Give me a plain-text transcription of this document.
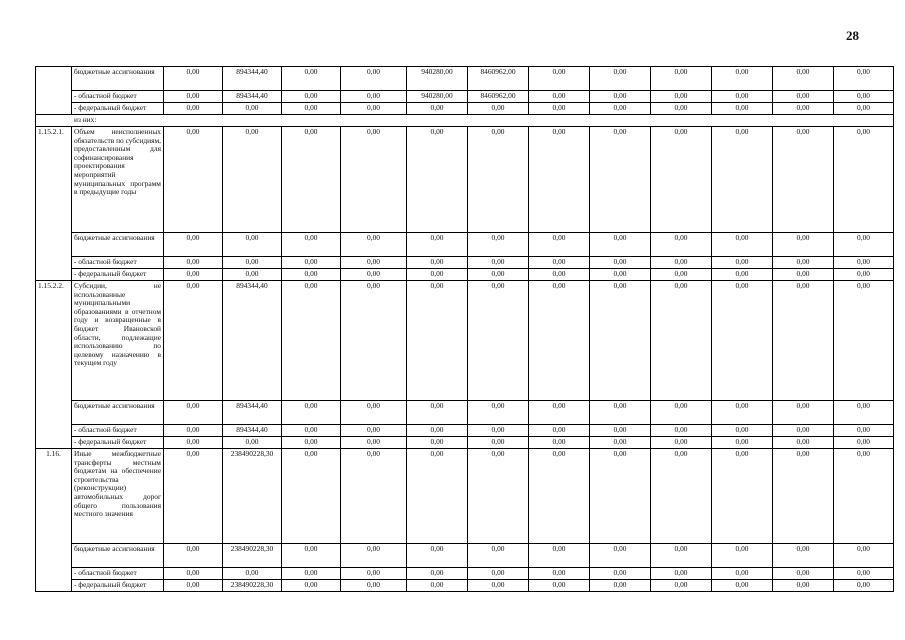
28
	бюджетные ассигнования	0,00	894344,40	0,00	0,00	940280,00	8460962,00	0,00	0,00	0,00	0,00	0,00	0,00
	- областной бюджет	0,00	894344,40	0,00	0,00	940280,00	8460962,00	0,00	0,00	0,00	0,00	0,00	0,00
	- федеральный бюджет	0,00	0,00	0,00	0,00	0,00	0,00	0,00	0,00	0,00	0,00	0,00	0,00
из них:													
1.15.2.1.	Объем неисполненных обязательств по субсидиям, предоставленным для софинансирования проектирования мероприятий муниципальных программ в предыдущие годы	0,00	0,00	0,00	0,00	0,00	0,00	0,00	0,00	0,00	0,00	0,00	0,00
	бюджетные ассигнования	0,00	0,00	0,00	0,00	0,00	0,00	0,00	0,00	0,00	0,00	0,00	0,00
	- областной бюджет	0,00	0,00	0,00	0,00	0,00	0,00	0,00	0,00	0,00	0,00	0,00	0,00
	- федеральный бюджет	0,00	0,00	0,00	0,00	0,00	0,00	0,00	0,00	0,00	0,00	0,00	0,00
1.15.2.2.	Субсидии, не использованные муниципальными образованиями в отчетном году и возвращенные в бюджет Ивановской области, подлежащие использованию по целевому назначению в текущем году	0,00	894344,40	0,00	0,00	0,00	0,00	0,00	0,00	0,00	0,00	0,00	0,00
	бюджетные ассигнования	0,00	894344,40	0,00	0,00	0,00	0,00	0,00	0,00	0,00	0,00	0,00	0,00
	- областной бюджет	0,00	894344,40	0,00	0,00	0,00	0,00	0,00	0,00	0,00	0,00	0,00	0,00
	- федеральный бюджет	0,00	0,00	0,00	0,00	0,00	0,00	0,00	0,00	0,00	0,00	0,00	0,00
1.16.	Иные межбюджетные трансферты местным бюджетам на обеспечение строительства (реконструкции) автомобильных дорог общего пользования местного значения	0,00	238490228,30	0,00	0,00	0,00	0,00	0,00	0,00	0,00	0,00	0,00	0,00
	бюджетные ассигнования	0,00	238490228,30	0,00	0,00	0,00	0,00	0,00	0,00	0,00	0,00	0,00	0,00
	- областной бюджет	0,00	0,00	0,00	0,00	0,00	0,00	0,00	0,00	0,00	0,00	0,00	0,00
	- федеральный бюджет	0,00	238490228,30	0,00	0,00	0,00	0,00	0,00	0,00	0,00	0,00	0,00	0,00
